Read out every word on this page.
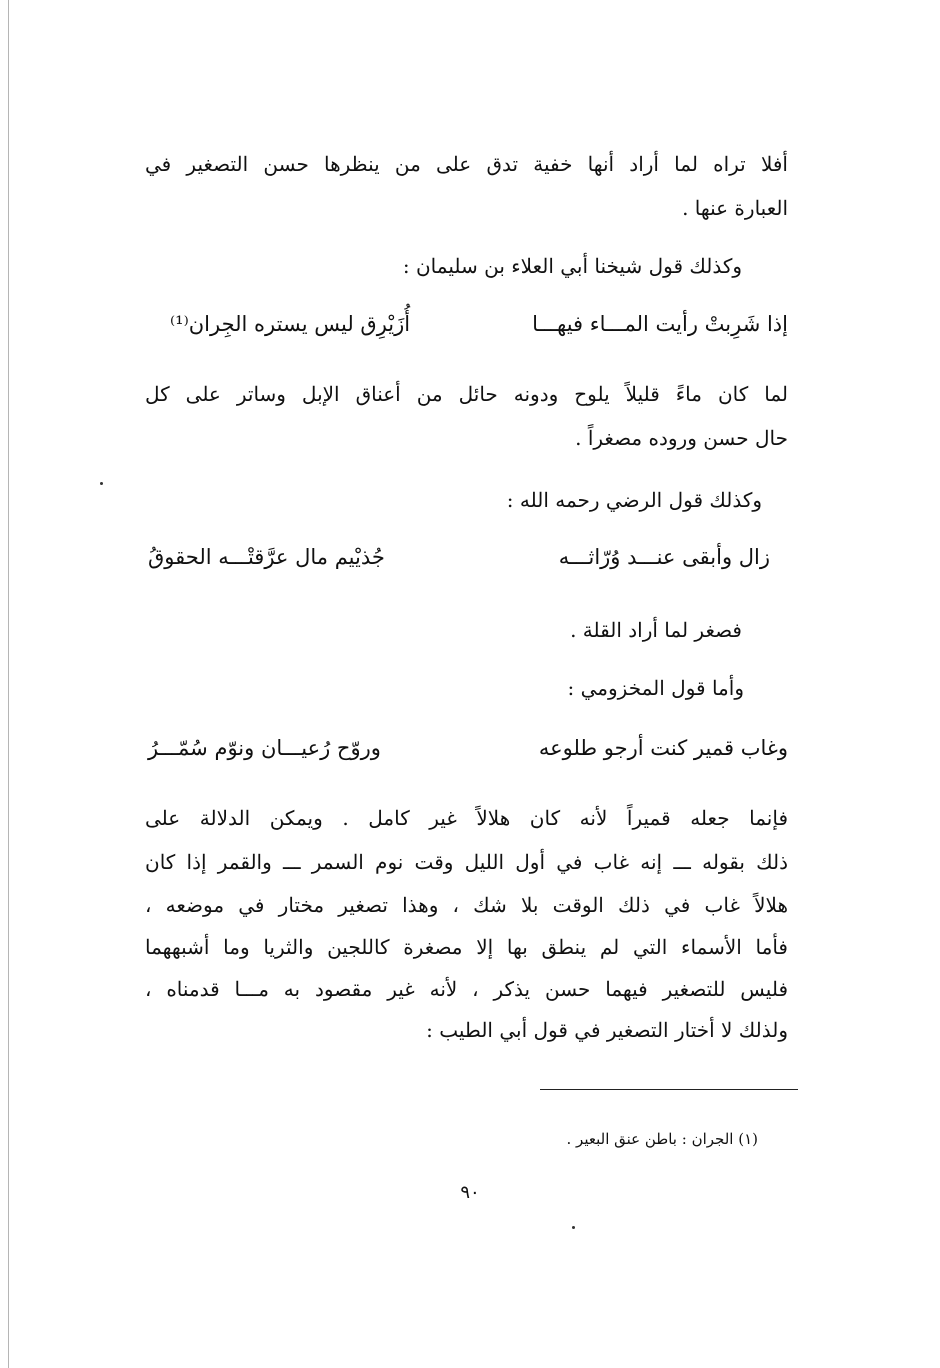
أفلا تراه لما أراد أنها خفية تدق على من ينظرها حسن التصغير في
العبارة عنها .
وكذلك قول شيخنا أبي العلاء بن سليمان :
إذا شَرِبتْ رأيت المـــاء فيهـــا
أُزَيْرِق ليس يستره الجِران⁽¹⁾
لما كان ماءً قليلاً يلوح ودونه حائل من أعناق الإبل وساتر على كل
حال حسن وروده مصغراً .
وكذلك قول الرضي رحمه الله :
زال وأبقى عنـــد وُرّاثـــه
جُذيْيم مال عرَّقتْـــه الحقوقُ
فصغر لما أراد القلة .
وأما قول المخزومي :
وغاب قمير كنت أرجو طلوعه
وروّح رُعيـــان ونوّم سُمّـــرُ
فإنما جعله قميراً لأنه كان هلالاً غير كامل . ويمكن الدلالة على
ذلك بقوله ـــ إنه غاب في أول الليل وقت نوم السمر ـــ والقمر إذا كان
هلالاً غاب في ذلك الوقت بلا شك ، وهذا تصغير مختار في موضعه ،
فأما الأسماء التي لم ينطق بها إلا مصغرة كاللجين والثريا وما أشبههما
فليس للتصغير فيهما حسن يذكر ، لأنه غير مقصود به مـــا قدمناه ،
ولذلك لا أختار التصغير في قول أبي الطيب :
(١) الجران : باطن عنق البعير .
٩٠
